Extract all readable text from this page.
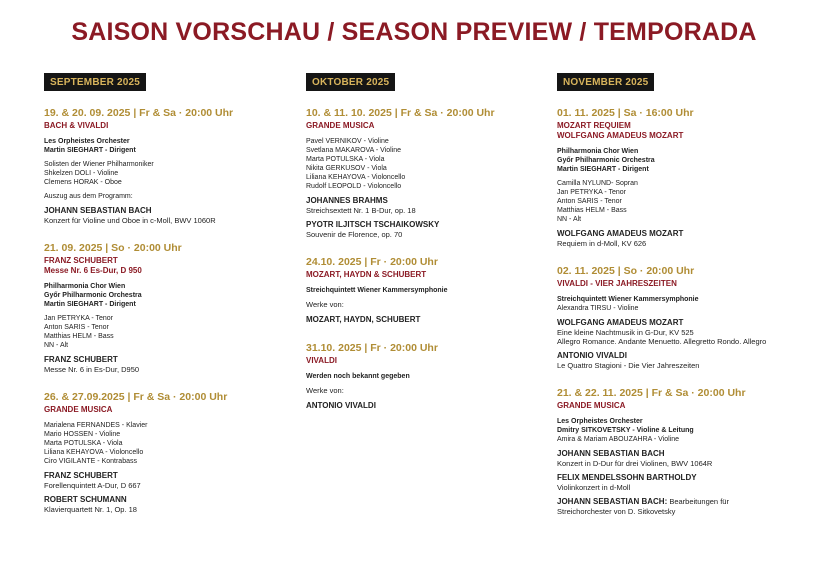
SAISON VORSCHAU / SEASON PREVIEW / TEMPORADA
SEPTEMBER 2025
19. & 20. 09. 2025 | Fr & Sa · 20:00 Uhr
BACH & VIVALDI
Les Orpheistes Orchester
Martin SIEGHART - Dirigent
Solisten der Wiener Philharmoniker
Shkelzen DOLI - Violine
Clemens HORAK - Oboe
Auszug aus dem Programm:
JOHANN SEBASTIAN BACH
Konzert für Violine und Oboe in c-Moll, BWV 1060R
21. 09. 2025 | So · 20:00 Uhr
FRANZ SCHUBERT
Messe Nr. 6 Es-Dur, D 950
Philharmonia Chor Wien
Győr Philharmonic Orchestra
Martin SIEGHART - Dirigent
Jan PETRYKA - Tenor
Anton SARIS - Tenor
Matthias HELM - Bass
NN - Alt
FRANZ SCHUBERT
Messe Nr. 6 in Es-Dur, D950
26. & 27.09.2025 | Fr & Sa · 20:00 Uhr
GRANDE MUSICA
Marialena FERNANDES - Klavier
Mario HOSSEN - Violine
Marta POTULSKA - Viola
Liliana KEHAYOVA - Violoncello
Ciro VIGILANTE - Kontrabass
FRANZ SCHUBERT
Forellenquintett A-Dur, D 667
ROBERT SCHUMANN
Klavierquartett Nr. 1, Op. 18
OKTOBER 2025
10. & 11. 10. 2025 | Fr & Sa · 20:00 Uhr
GRANDE MUSICA
Pavel VERNIKOV - Violine
Svetlana MAKAROVA - Violine
Marta POTULSKA - Viola
Nikita GERKUSOV - Viola
Liliana KEHAYOVA - Violoncello
Rudolf LEOPOLD - Violoncello
JOHANNES BRAHMS
Streichsextett Nr. 1 B-Dur, op. 18
PYOTR ILJITSCH TSCHAIKOWSKY
Souvenir de Florence, op. 70
24.10. 2025 | Fr · 20:00 Uhr
MOZART, HAYDN & SCHUBERT
Streichquintett Wiener Kammersymphonie
Werke von:
MOZART, HAYDN, SCHUBERT
31.10. 2025 | Fr · 20:00 Uhr
VIVALDI
Werden noch bekannt gegeben
Werke von:
ANTONIO VIVALDI
NOVEMBER 2025
01. 11. 2025 | Sa · 16:00 Uhr
MOZART REQUIEM
WOLFGANG AMADEUS MOZART
Philharmonia Chor Wien
Győr Philharmonic Orchestra
Martin SIEGHART - Dirigent
Camilla NYLUND- Sopran
Jan PETRYKA - Tenor
Anton SARIS - Tenor
Matthias HELM - Bass
NN - Alt
WOLFGANG AMADEUS MOZART
Requiem in d-Moll, KV 626
02. 11. 2025 | So · 20:00 Uhr
VIVALDI - VIER JAHRESZEITEN
Streichquintett Wiener Kammersymphonie
Alexandra TIRSU - Violine
WOLFGANG AMADEUS MOZART
Eine kleine Nachtmusik in G-Dur, KV 525
Allegro Romance. Andante Menuetto. Allegretto Rondo. Allegro
ANTONIO VIVALDI
Le Quattro Stagioni - Die Vier Jahreszeiten
21. & 22. 11. 2025 | Fr & Sa · 20:00 Uhr
GRANDE MUSICA
Les Orpheistes Orchester
Dmitry SITKOVETSKY - Violine & Leitung
Amira & Mariam ABOUZAHRA - Violine
JOHANN SEBASTIAN BACH
Konzert in D-Dur für drei Violinen, BWV 1064R
FELIX MENDELSSOHN BARTHOLDY
Violinkonzert in d-Moll
JOHANN SEBASTIAN BACH: Bearbeitungen für
Streichorchester von D. Sitkovetsky
